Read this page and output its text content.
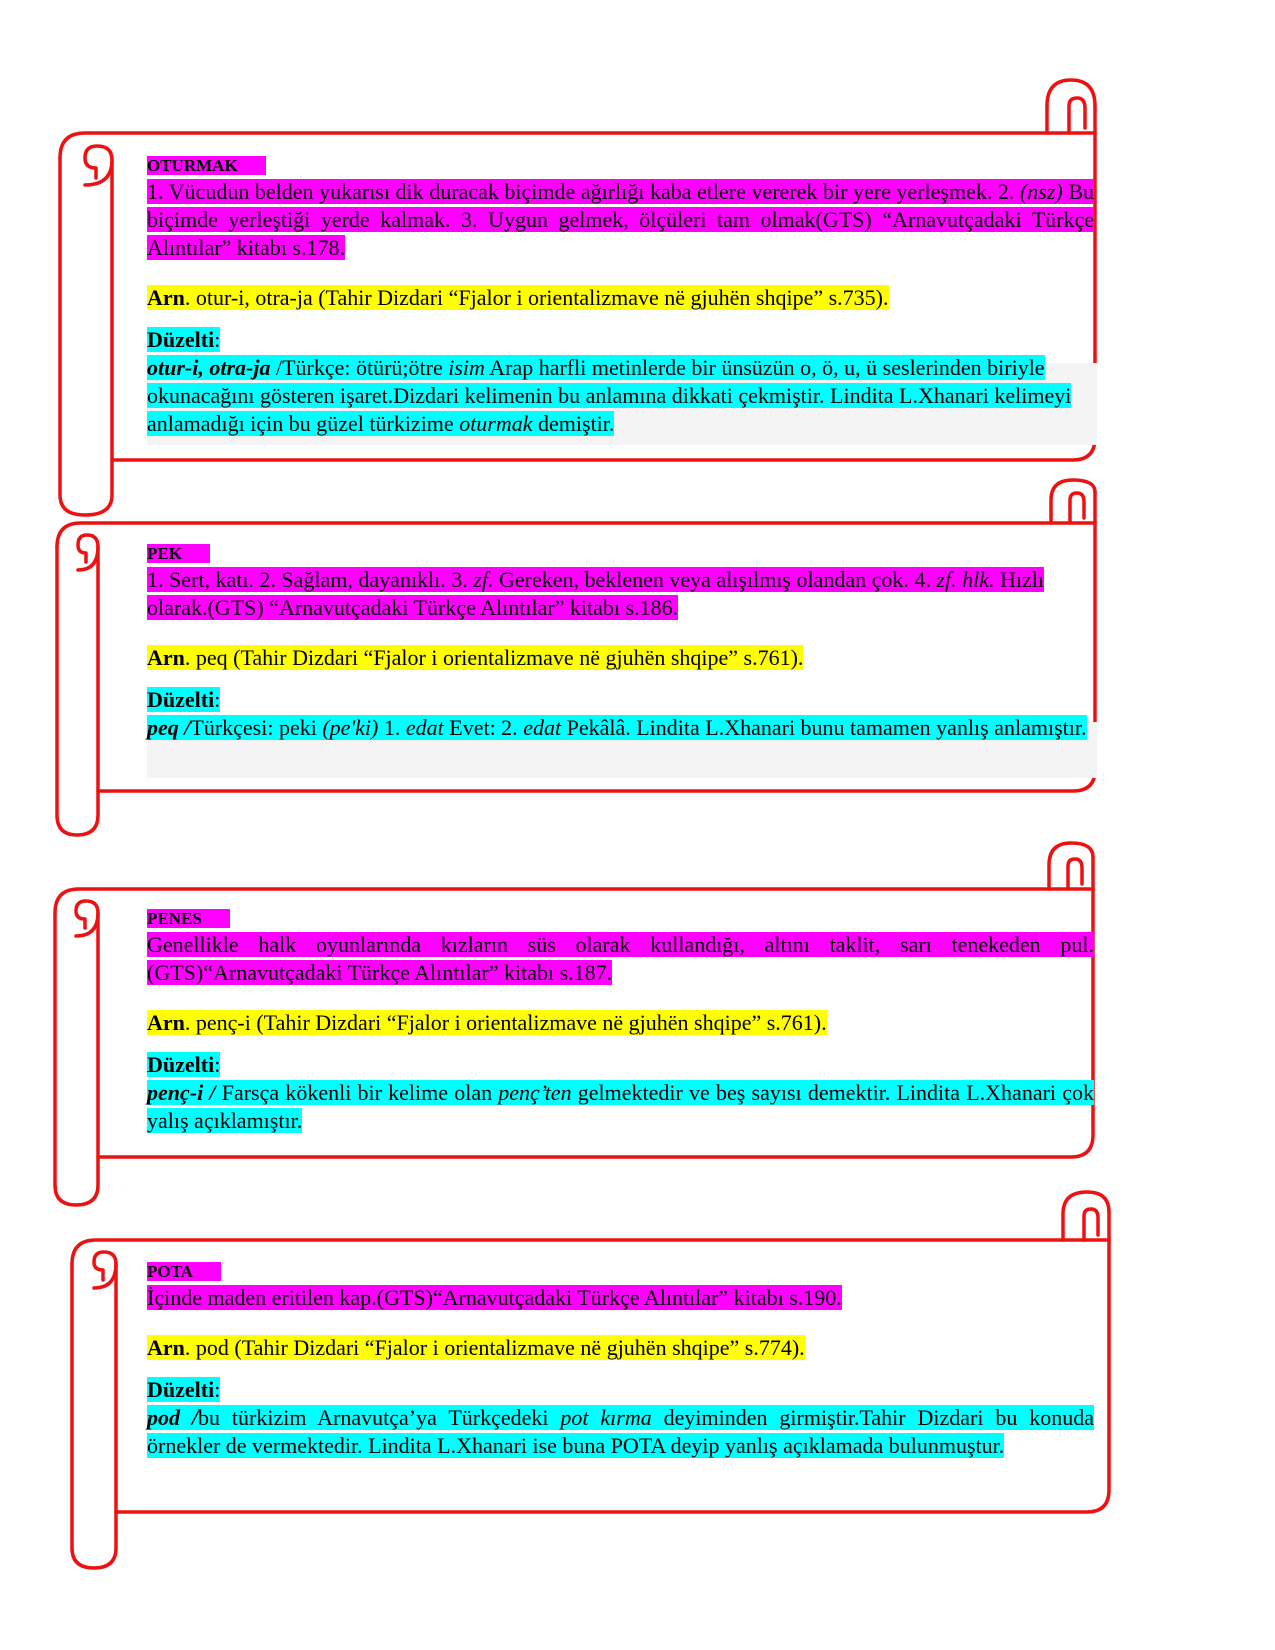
OTURMAK

1. Vücudun belden yukarısı dik duracak biçimde ağırlığı kaba etlere vererek bir yere yerleşmek. 2. (nsz) Bu biçimde yerleştiği yerde kalmak. 3. Uygun gelmek, ölçüleri tam olmak(GTS) “Arnavutçadaki Türkçe Alıntılar” kitabı s.178.

Arn. otur-i, otra-ja (Tahir Dizdari “Fjalor i orientalizmave në gjuhën shqipe” s.735).

Düzelti:

otur-i, otra-ja /Türkçe: ötürü;ötre isim Arap harfli metinlerde bir ünsüzün o, ö, u, ü seslerinden biriyle okunacağını gösteren işaret.Dizdari kelimenin bu anlamına dikkati çekmiştir. Lindita L.Xhanari kelimeyi anlamadığı için bu güzel türkizime oturmak demiştir.

PEK

1. Sert, katı. 2. Sağlam, dayanıklı. 3. zf. Gereken, beklenen veya alışılmış olandan çok. 4. zf. hlk. Hızlı olarak.(GTS) “Arnavutçadaki Türkçe Alıntılar” kitabı s.186.

Arn. peq (Tahir Dizdari “Fjalor i orientalizmave në gjuhën shqipe” s.761).

Düzelti:

peq /Türkçesi: peki (pe'ki) 1. edat Evet: 2. edat Pekâlâ. Lindita L.Xhanari bunu tamamen yanlış anlamıştır.

PENES

Genellikle halk oyunlarında kızların süs olarak kullandığı, altını taklit, sarı tenekeden pul.(GTS)“Arnavutçadaki Türkçe Alıntılar” kitabı s.187.

Arn. penç-i (Tahir Dizdari “Fjalor i orientalizmave në gjuhën shqipe” s.761).

Düzelti:

penç-i / Farsça kökenli bir kelime olan penç’ten gelmektedir ve beş sayısı demektir. Lindita L.Xhanari çok yalış açıklamıştır.

POTA

İçinde maden eritilen kap.(GTS)“Arnavutçadaki Türkçe Alıntılar” kitabı s.190.

Arn. pod (Tahir Dizdari “Fjalor i orientalizmave në gjuhën shqipe” s.774).

Düzelti:

pod /bu türkizim Arnavutça’ya Türkçedeki pot kırma deyiminden girmiştir.Tahir Dizdari bu konuda örnekler de vermektedir. Lindita L.Xhanari ise buna POTA deyip yanlış açıklamada bulunmuştur.
